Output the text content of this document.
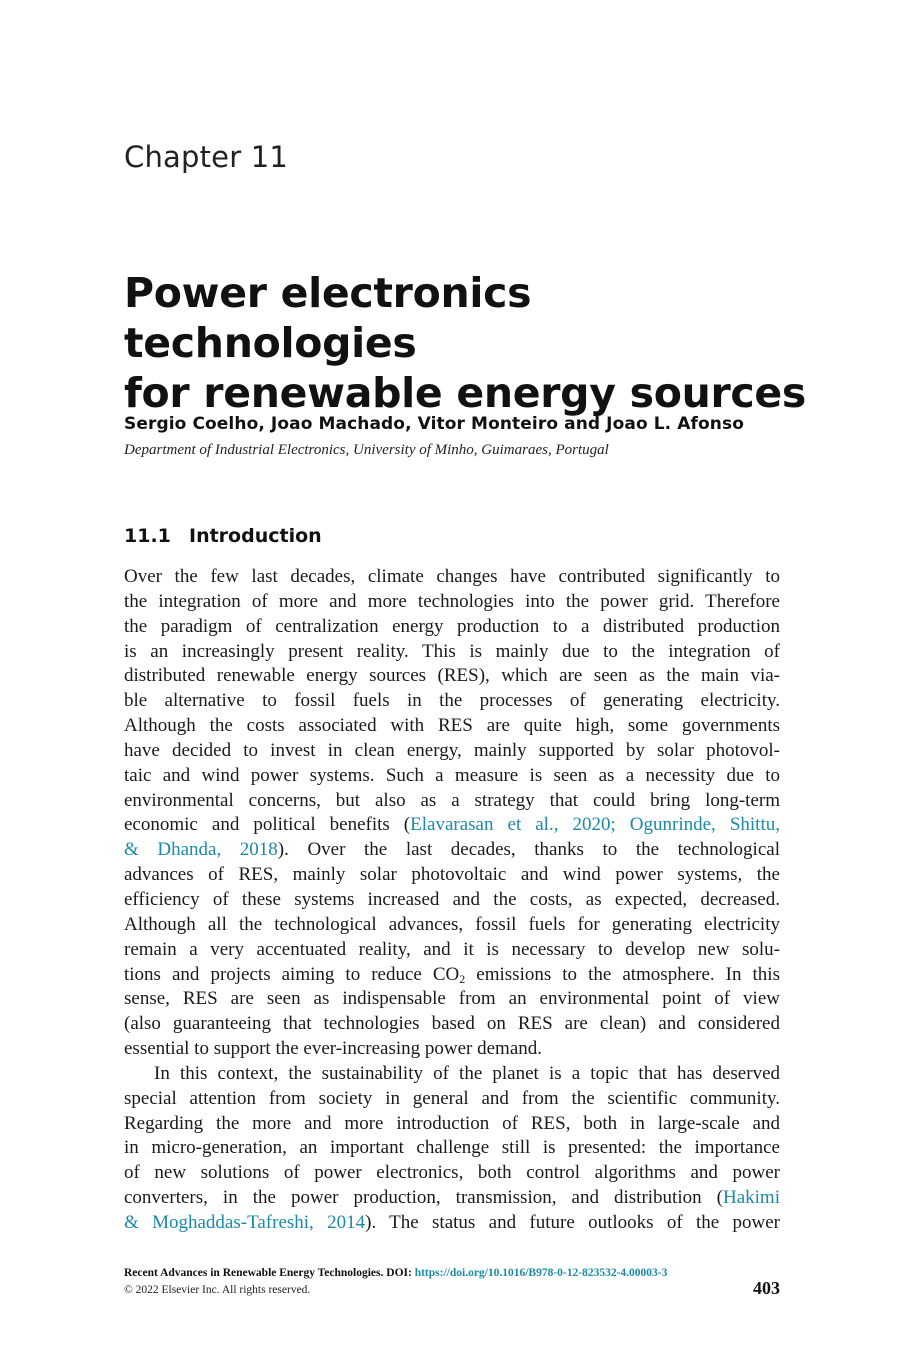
Chapter 11
Power electronics technologies
for renewable energy sources
Sergio Coelho, Joao Machado, Vitor Monteiro and Joao L. Afonso
Department of Industrial Electronics, University of Minho, Guimaraes, Portugal
11.1 Introduction
Over the few last decades, climate changes have contributed significantly to
the integration of more and more technologies into the power grid. Therefore
the paradigm of centralization energy production to a distributed production
is an increasingly present reality. This is mainly due to the integration of
distributed renewable energy sources (RES), which are seen as the main via-
ble alternative to fossil fuels in the processes of generating electricity.
Although the costs associated with RES are quite high, some governments
have decided to invest in clean energy, mainly supported by solar photovol-
taic and wind power systems. Such a measure is seen as a necessity due to
environmental concerns, but also as a strategy that could bring long-term
economic and political benefits (Elavarasan et al., 2020; Ogunrinde, Shittu,
& Dhanda, 2018). Over the last decades, thanks to the technological
advances of RES, mainly solar photovoltaic and wind power systems, the
efficiency of these systems increased and the costs, as expected, decreased.
Although all the technological advances, fossil fuels for generating electricity
remain a very accentuated reality, and it is necessary to develop new solu-
tions and projects aiming to reduce $CO_2$ emissions to the atmosphere. In this
sense, RES are seen as indispensable from an environmental point of view
(also guaranteeing that technologies based on RES are clean) and considered
essential to support the ever-increasing power demand.
In this context, the sustainability of the planet is a topic that has deserved
special attention from society in general and from the scientific community.
Regarding the more and more introduction of RES, both in large-scale and
in micro-generation, an important challenge still is presented: the importance
of new solutions of power electronics, both control algorithms and power
converters, in the power production, transmission, and distribution (Hakimi
& Moghaddas-Tafreshi, 2014). The status and future outlooks of the power
Recent Advances in Renewable Energy Technologies. DOI: https://doi.org/10.1016/B978-0-12-823532-4.00003-3
© 2022 Elsevier Inc. All rights reserved.	403
